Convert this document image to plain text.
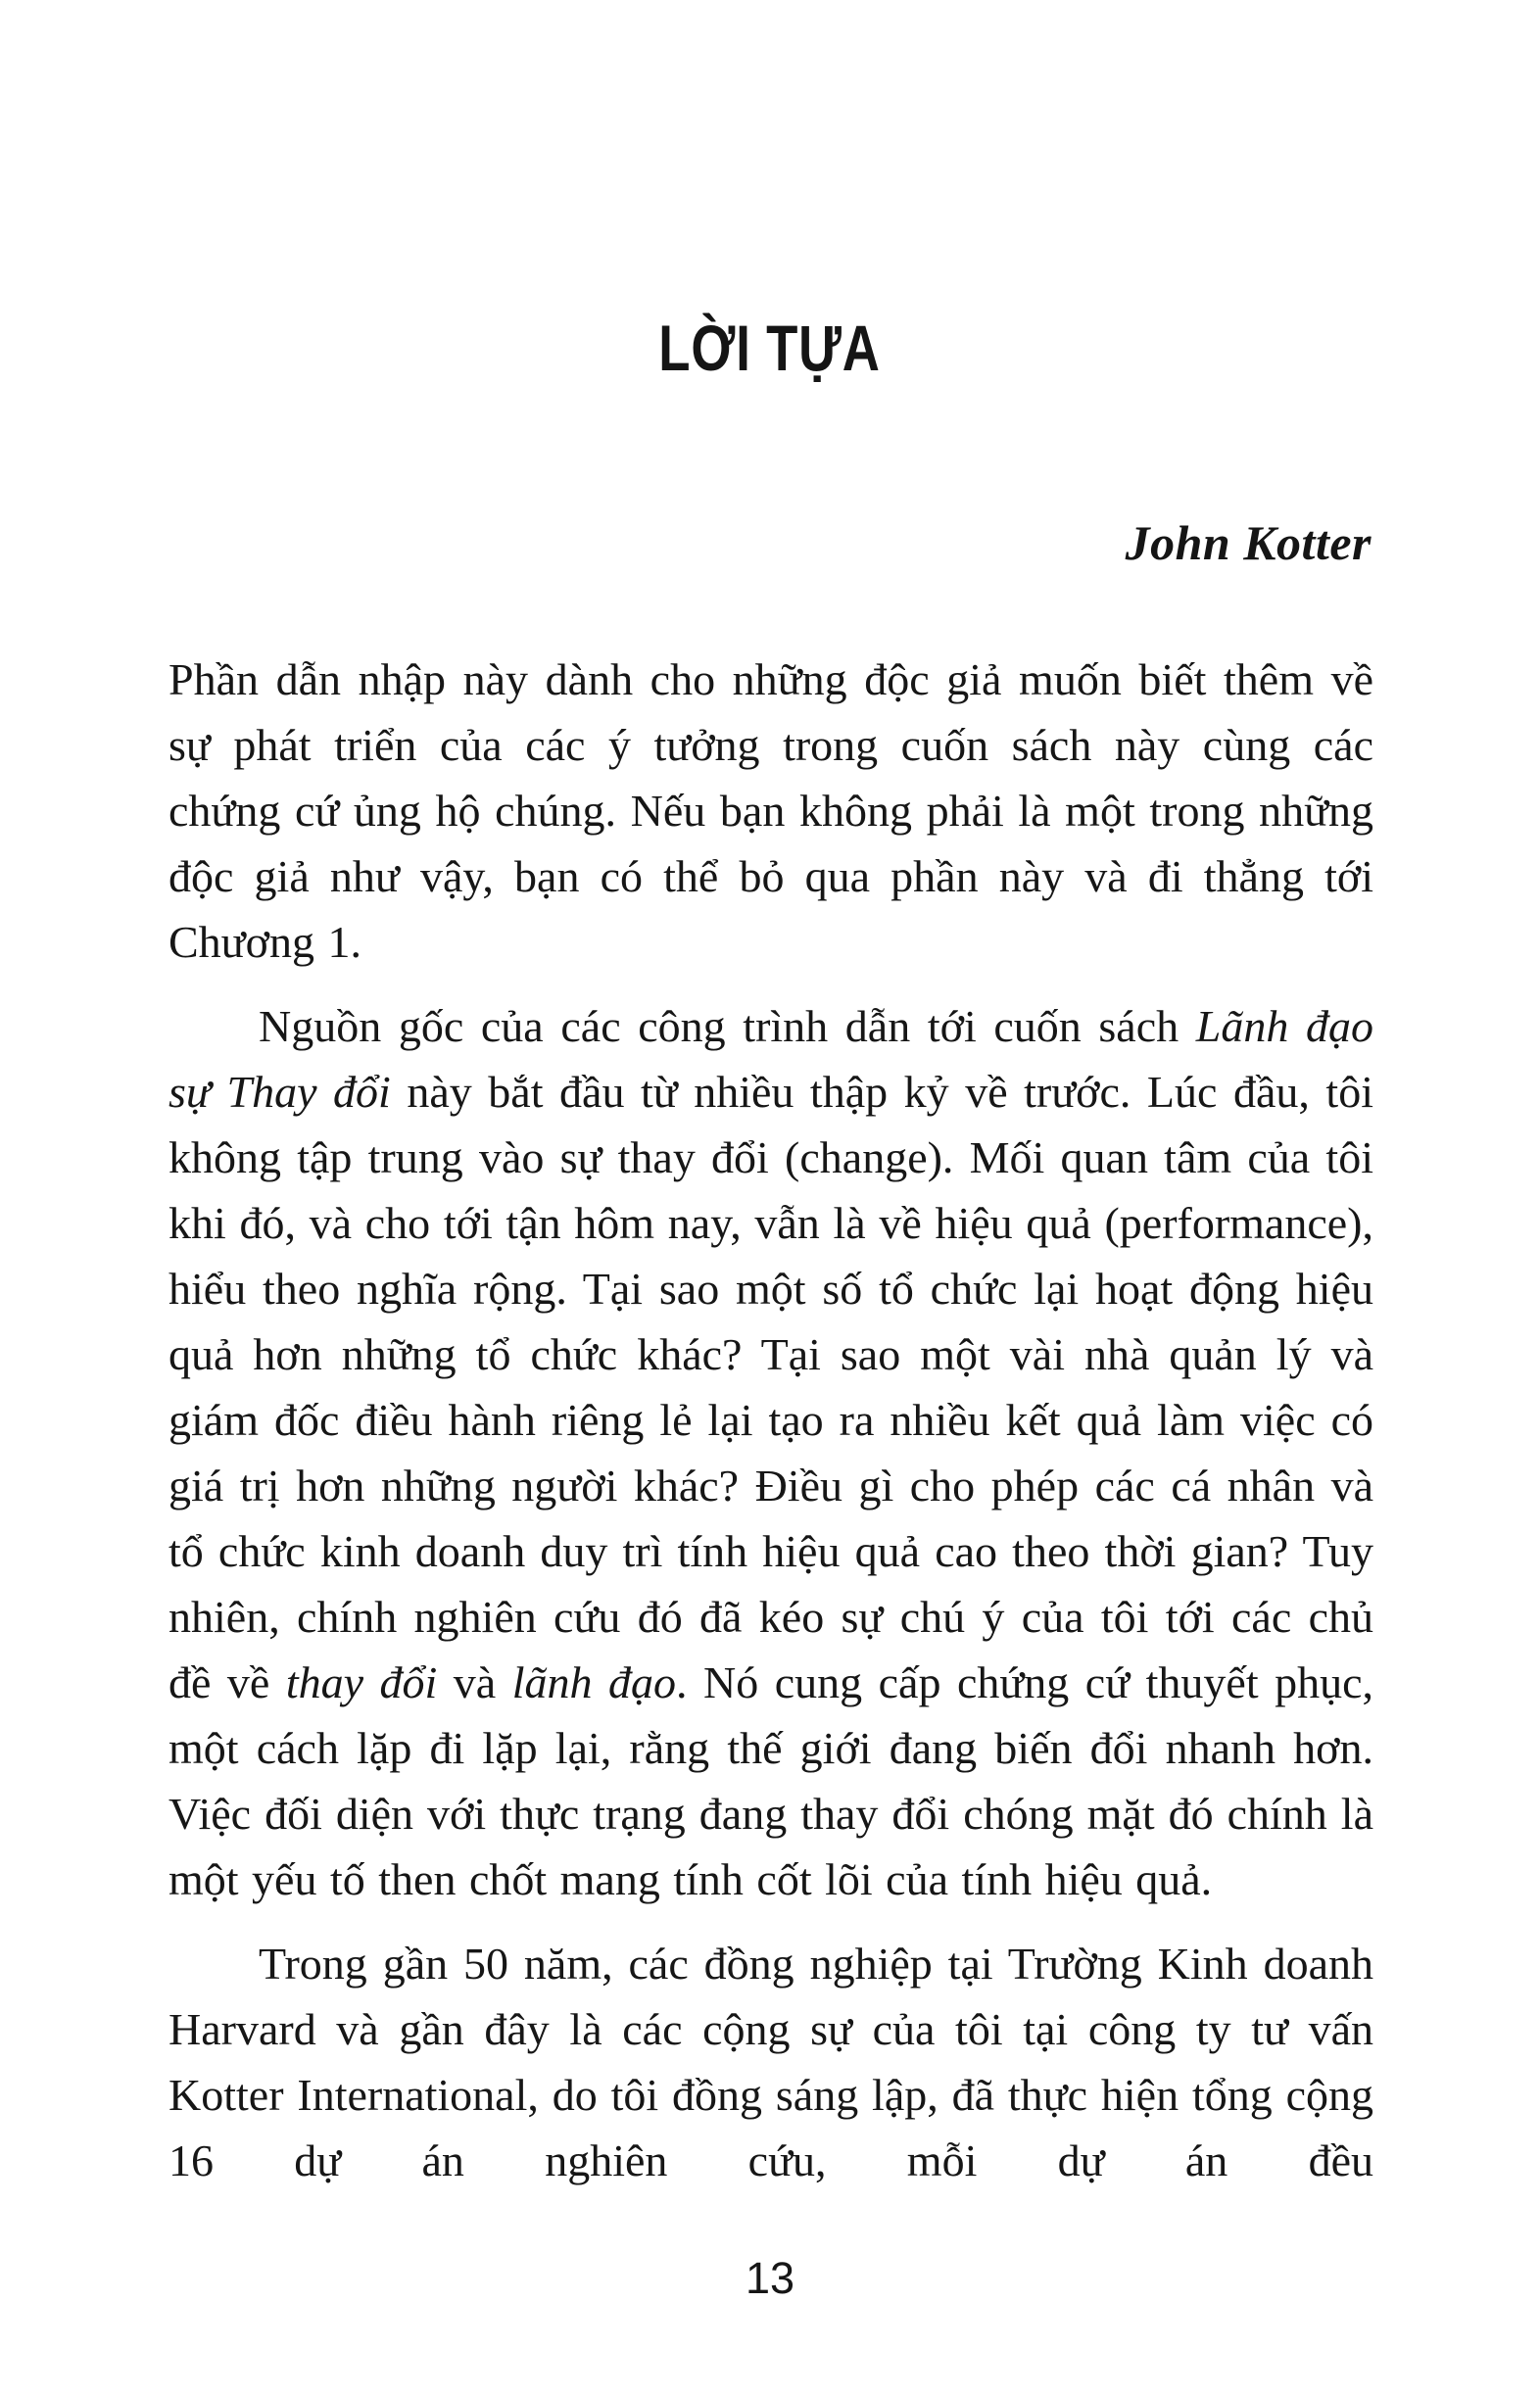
LỜI TỰA
John Kotter

Phần dẫn nhập này dành cho những độc giả muốn biết thêm về sự phát triển của các ý tưởng trong cuốn sách này cùng các chứng cứ ủng hộ chúng. Nếu bạn không phải là một trong những độc giả như vậy, bạn có thể bỏ qua phần này và đi thẳng tới Chương 1.

Nguồn gốc của các công trình dẫn tới cuốn sách Lãnh đạo sự Thay đổi này bắt đầu từ nhiều thập kỷ về trước. Lúc đầu, tôi không tập trung vào sự thay đổi (change). Mối quan tâm của tôi khi đó, và cho tới tận hôm nay, vẫn là về hiệu quả (performance), hiểu theo nghĩa rộng. Tại sao một số tổ chức lại hoạt động hiệu quả hơn những tổ chức khác? Tại sao một vài nhà quản lý và giám đốc điều hành riêng lẻ lại tạo ra nhiều kết quả làm việc có giá trị hơn những người khác? Điều gì cho phép các cá nhân và tổ chức kinh doanh duy trì tính hiệu quả cao theo thời gian? Tuy nhiên, chính nghiên cứu đó đã kéo sự chú ý của tôi tới các chủ đề về thay đổi và lãnh đạo. Nó cung cấp chứng cứ thuyết phục, một cách lặp đi lặp lại, rằng thế giới đang biến đổi nhanh hơn. Việc đối diện với thực trạng đang thay đổi chóng mặt đó chính là một yếu tố then chốt mang tính cốt lõi của tính hiệu quả.

Trong gần 50 năm, các đồng nghiệp tại Trường Kinh doanh Harvard và gần đây là các cộng sự của tôi tại công ty tư vấn Kotter International, do tôi đồng sáng lập, đã thực hiện tổng cộng 16 dự án nghiên cứu, mỗi dự án đều

13
